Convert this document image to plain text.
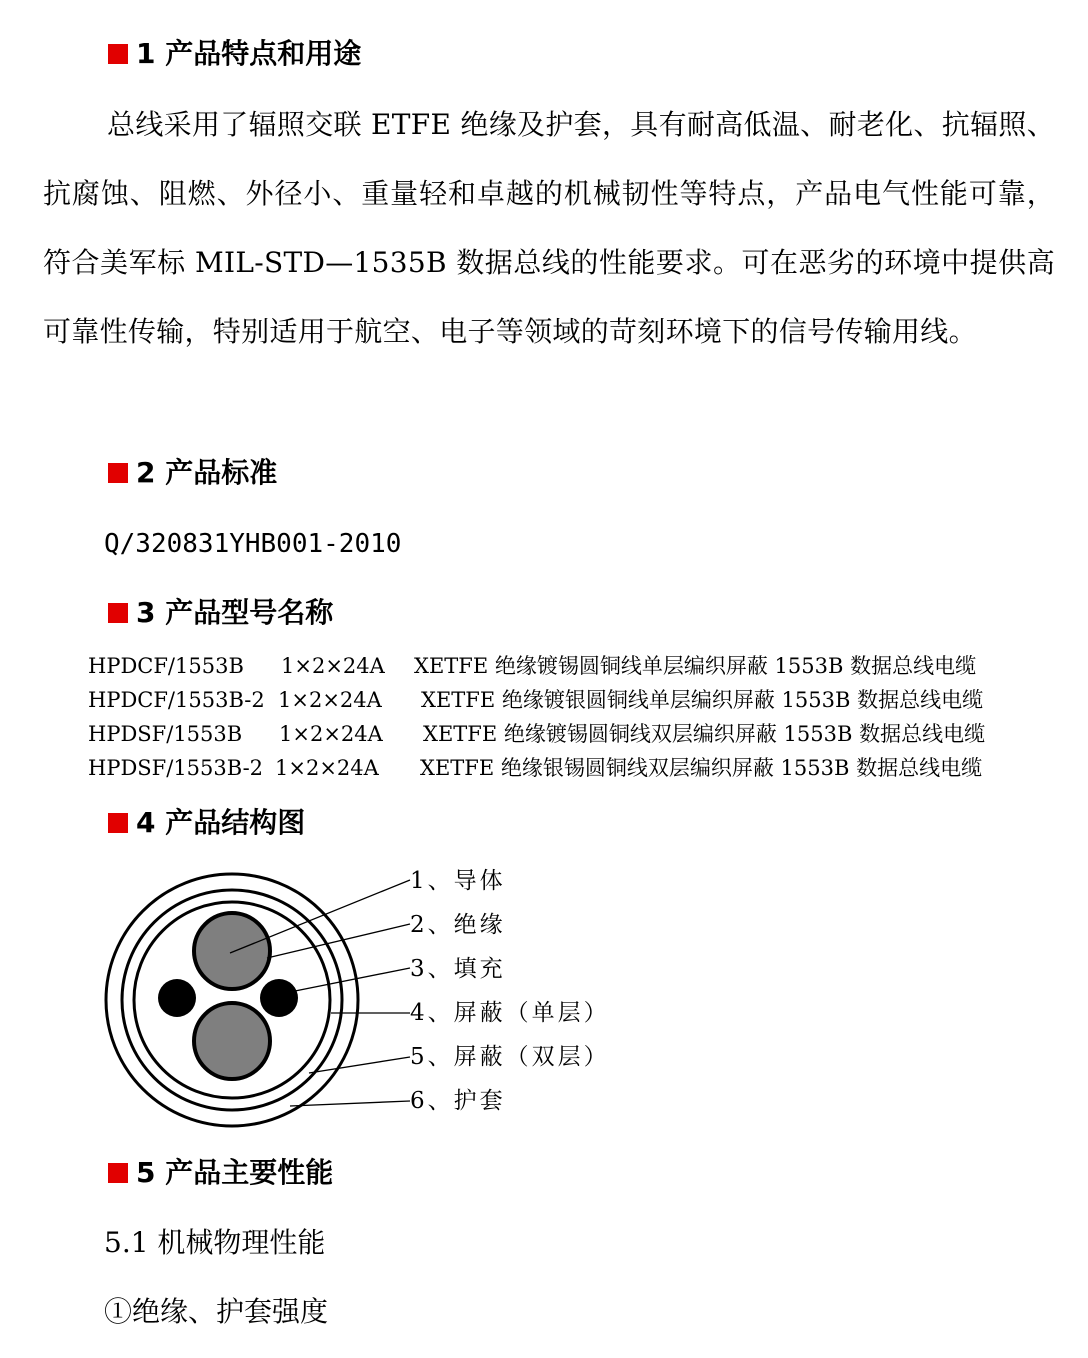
1 产品特点和用途
总线采用了辐照交联 ETFE 绝缘及护套，具有耐高低温、耐老化、抗辐照、抗腐蚀、阻燃、外径小、重量轻和卓越的机械韧性等特点，产品电气性能可靠，符合美军标 MIL-STD—1535B 数据总线的性能要求。可在恶劣的环境中提供高可靠性传输，特别适用于航空、电子等领域的苛刻环境下的信号传输用线。
2 产品标准
Q/320831YHB001-2010
3 产品型号名称
HPDCF/1553B 1×2×24A XETFE 绝缘镀锡圆铜线单层编织屏蔽 1553B 数据总线电缆
HPDCF/1553B-2 1×2×24A XETFE 绝缘镀银圆铜线单层编织屏蔽 1553B 数据总线电缆
HPDSF/1553B 1×2×24A XETFE 绝缘镀锡圆铜线双层编织屏蔽 1553B 数据总线电缆
HPDSF/1553B-2 1×2×24A XETFE 绝缘银锡圆铜线双层编织屏蔽 1553B 数据总线电缆
4 产品结构图
1、导体
2、绝缘
3、填充
4、屏蔽（单层）
5、屏蔽（双层）
6、护套
5 产品主要性能
5.1 机械物理性能
①绝缘、护套强度
